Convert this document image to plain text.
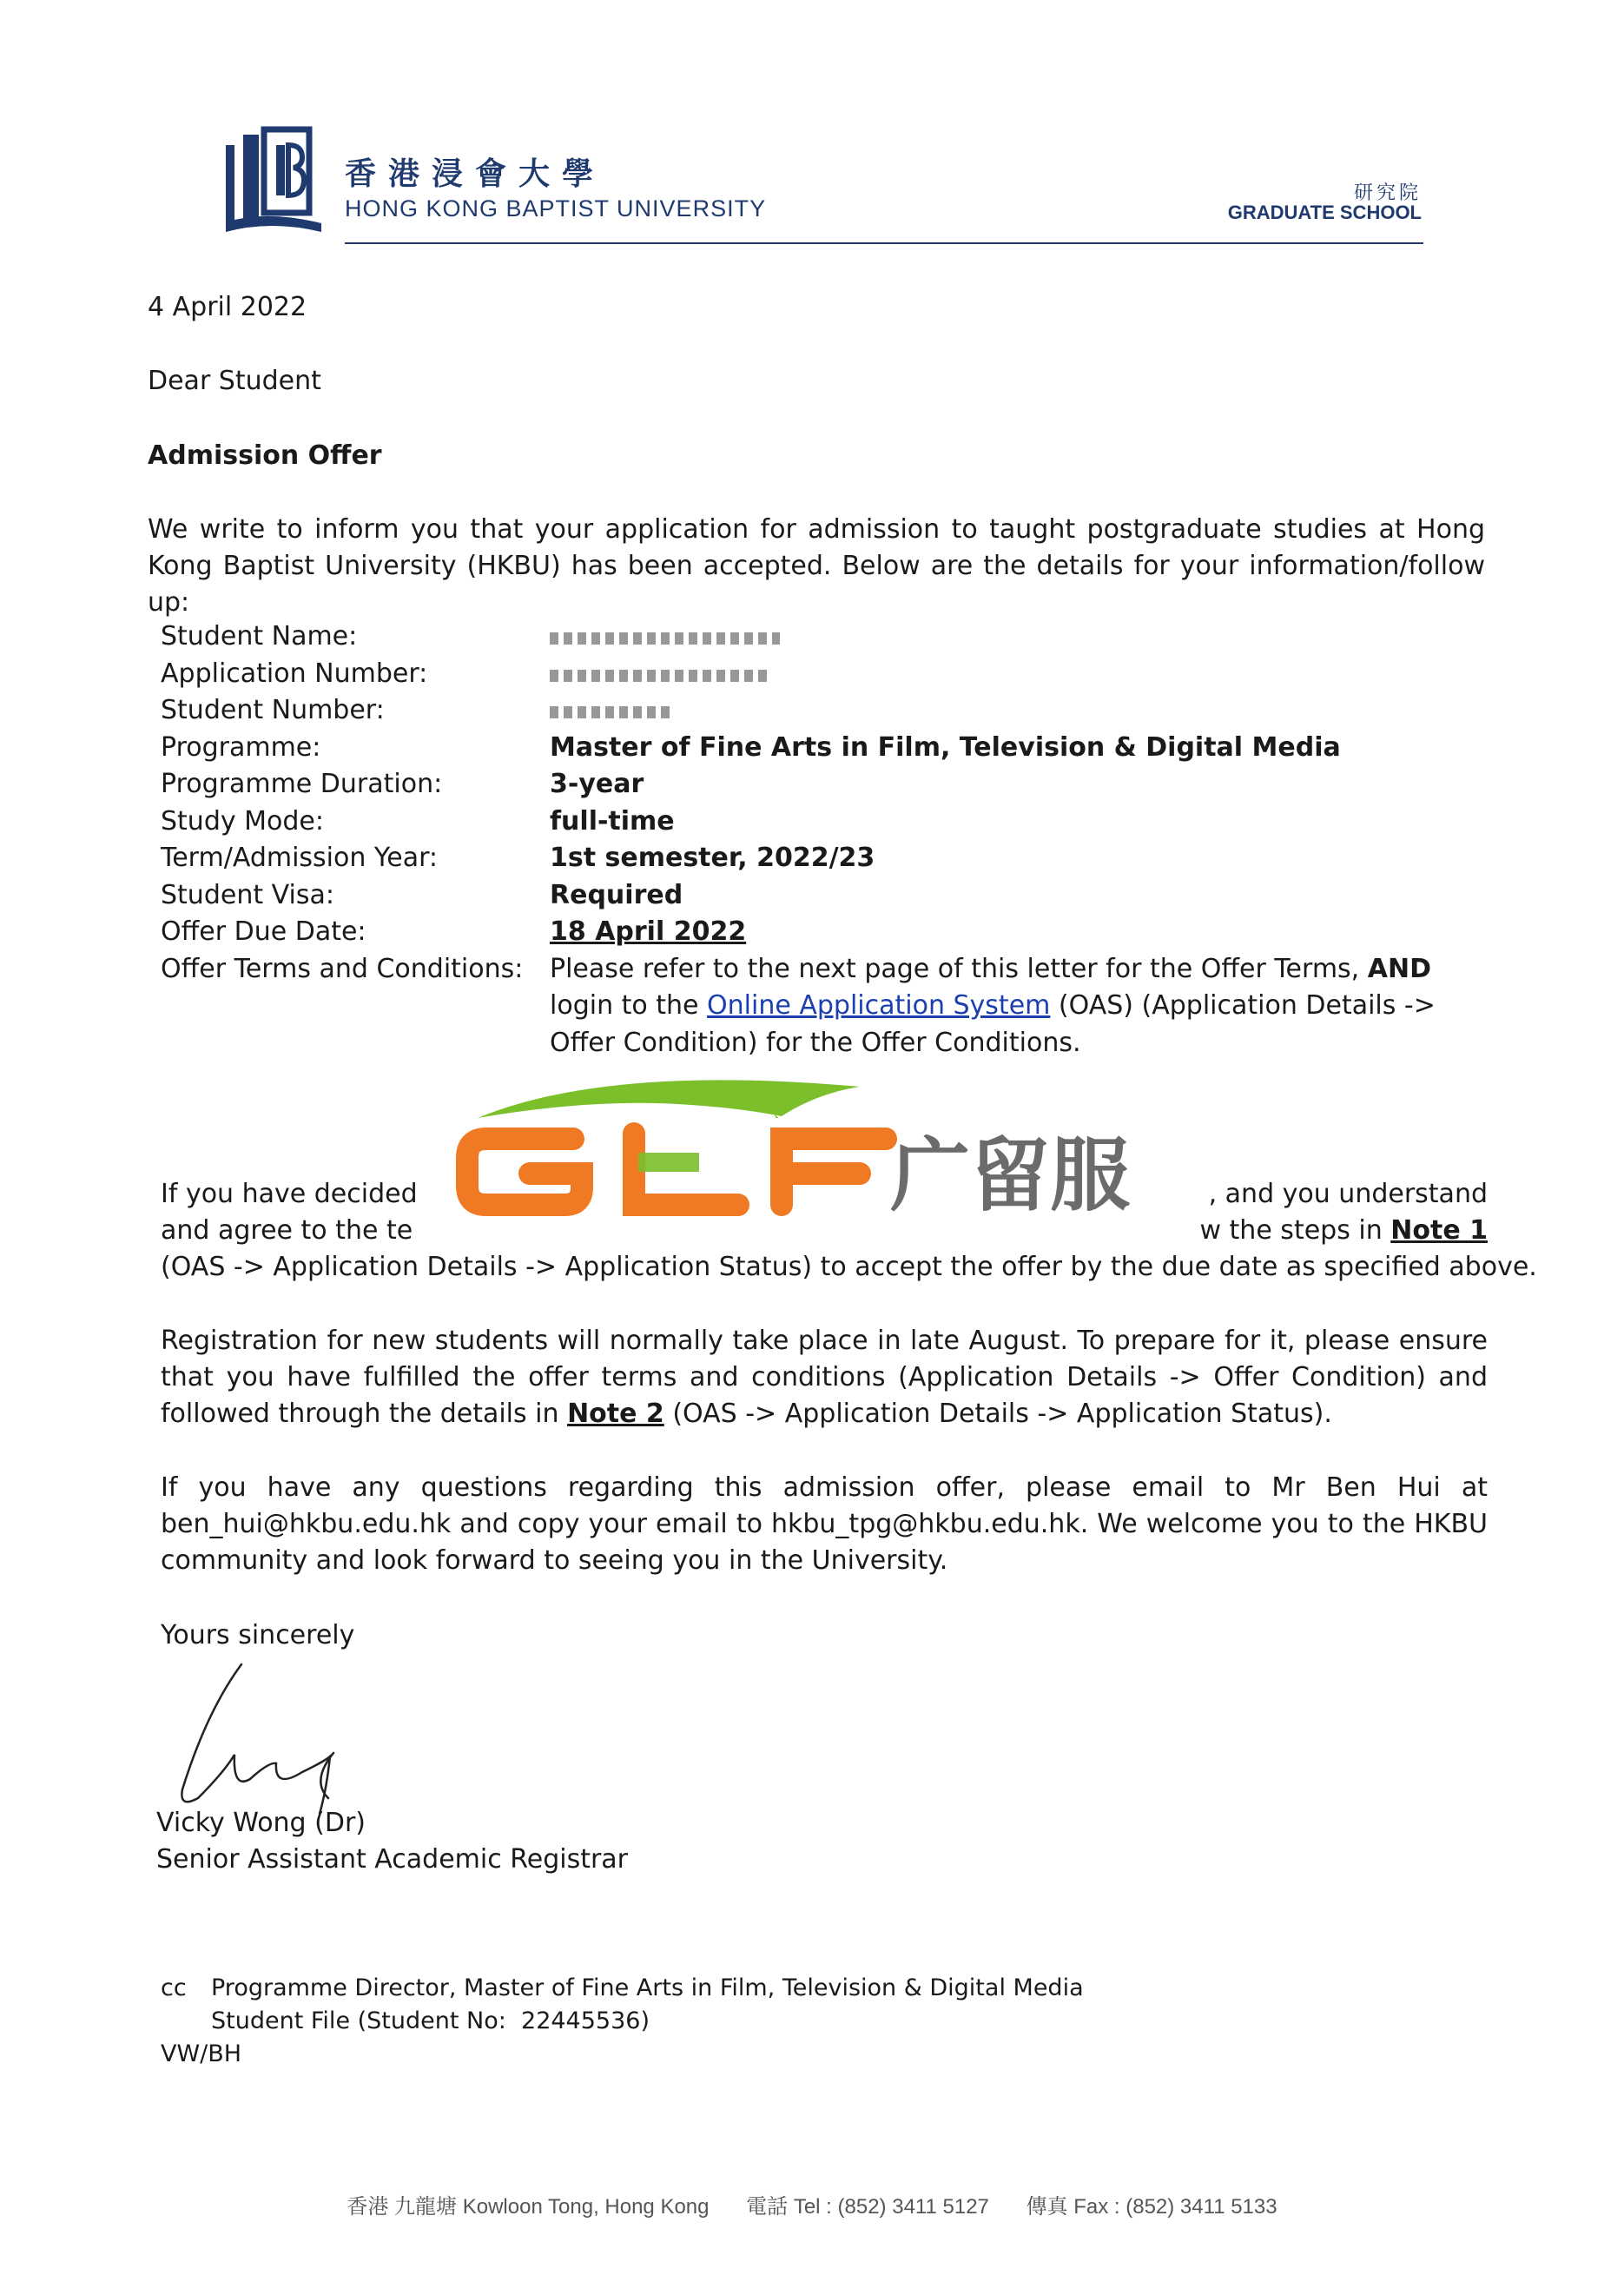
香港浸會大學
HONG KONG BAPTIST UNIVERSITY
研究院
GRADUATE SCHOOL
4 April 2022
Dear Student
Admission Offer
We write to inform you that your application for admission to taught postgraduate studies at Hong Kong Baptist University (HKBU) has been accepted. Below are the details for your information/follow up:
Student Name:
Application Number:
Student Number:
Programme:	Master of Fine Arts in Film, Television & Digital Media
Programme Duration:	3-year
Study Mode:	full-time
Term/Admission Year:	1st semester, 2022/23
Student Visa:	Required
Offer Due Date:	18 April 2022
Offer Terms and Conditions:	Please refer to the next page of this letter for the Offer Terms, AND login to the Online Application System (OAS) (Application Details -> Offer Condition) for the Offer Conditions.
广留服
If you have decided	, and you understand
and agree to the te	w the steps in Note 1
(OAS -> Application Details -> Application Status) to accept the offer by the due date as specified above.
Registration for new students will normally take place in late August. To prepare for it, please ensure that you have fulfilled the offer terms and conditions (Application Details -> Offer Condition) and followed through the details in Note 2 (OAS -> Application Details -> Application Status).
If you have any questions regarding this admission offer, please email to Mr Ben Hui at ben_hui@hkbu.edu.hk and copy your email to hkbu_tpg@hkbu.edu.hk. We welcome you to the HKBU community and look forward to seeing you in the University.
Yours sincerely
Vicky Wong (Dr)
Senior Assistant Academic Registrar
cc Programme Director, Master of Fine Arts in Film, Television & Digital Media
Student File (Student No:  22445536)
VW/BH
香港 九龍塘 Kowloon Tong, Hong Kong 電話 Tel : (852) 3411 5127 傳真 Fax : (852) 3411 5133
